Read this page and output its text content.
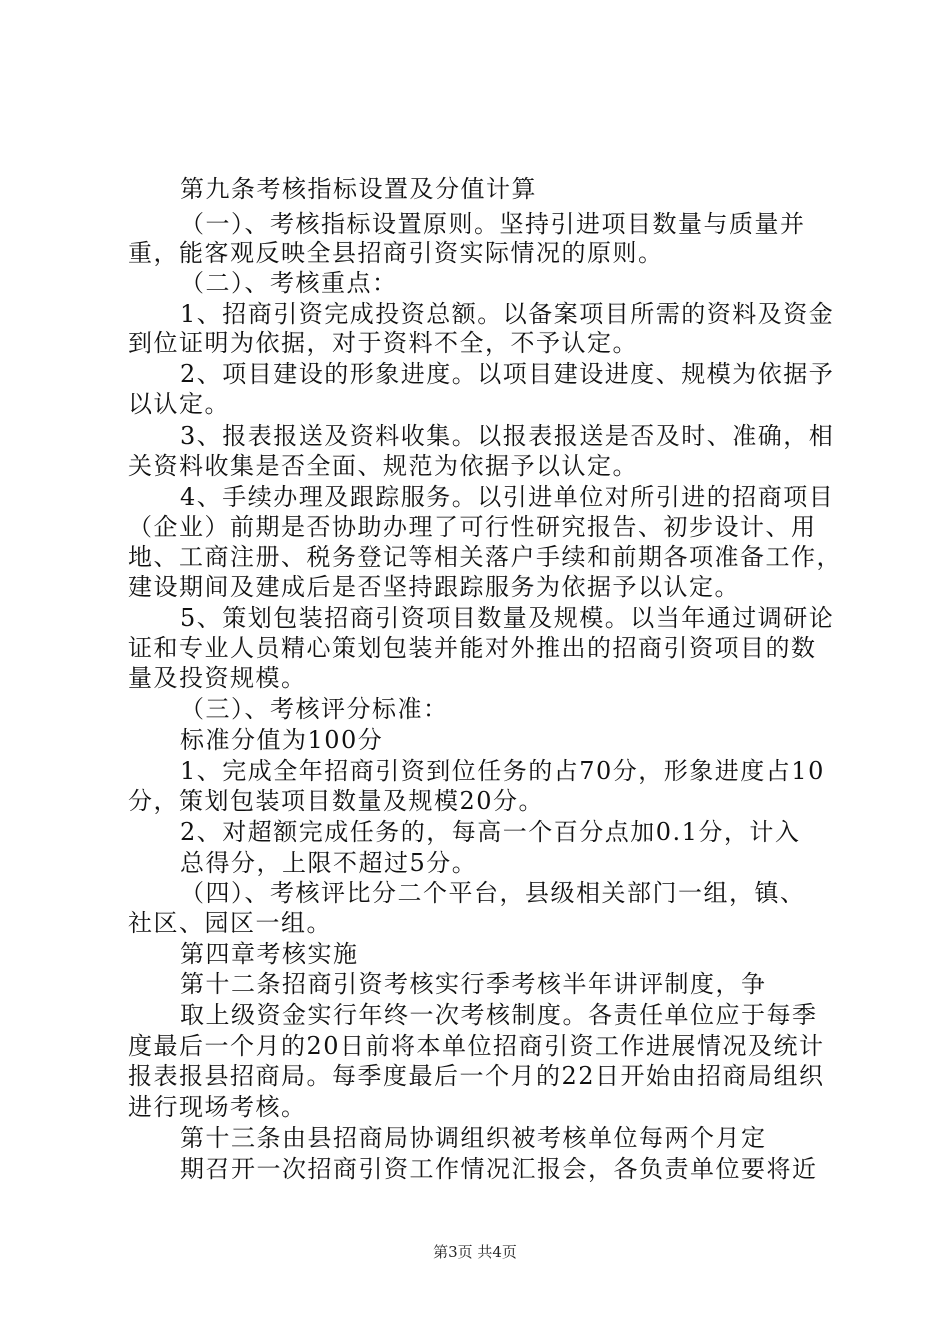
第九条考核指标设置及分值计算
（一）、考核指标设置原则。坚持引进项目数量与质量并
重，能客观反映全县招商引资实际情况的原则。
（二）、考核重点：
1、招商引资完成投资总额。以备案项目所需的资料及资金
到位证明为依据，对于资料不全，不予认定。
2、项目建设的形象进度。以项目建设进度、规模为依据予
以认定。
3、报表报送及资料收集。以报表报送是否及时、准确，相
关资料收集是否全面、规范为依据予以认定。
4、手续办理及跟踪服务。以引进单位对所引进的招商项目
（企业）前期是否协助办理了可行性研究报告、初步设计、用
地、工商注册、税务登记等相关落户手续和前期各项准备工作，
建设期间及建成后是否坚持跟踪服务为依据予以认定。
5、策划包装招商引资项目数量及规模。以当年通过调研论
证和专业人员精心策划包装并能对外推出的招商引资项目的数
量及投资规模。
（三）、考核评分标准：
标准分值为100分
1、完成全年招商引资到位任务的占70分，形象进度占10
分，策划包装项目数量及规模20分。
2、对超额完成任务的，每高一个百分点加0.1分，计入
总得分，上限不超过5分。
（四）、考核评比分二个平台，县级相关部门一组，镇、
社区、园区一组。
第四章考核实施
第十二条招商引资考核实行季考核半年讲评制度，争
取上级资金实行年终一次考核制度。各责任单位应于每季
度最后一个月的20日前将本单位招商引资工作进展情况及统计
报表报县招商局。每季度最后一个月的22日开始由招商局组织
进行现场考核。
第十三条由县招商局协调组织被考核单位每两个月定
期召开一次招商引资工作情况汇报会，各负责单位要将近
第3页 共4页
